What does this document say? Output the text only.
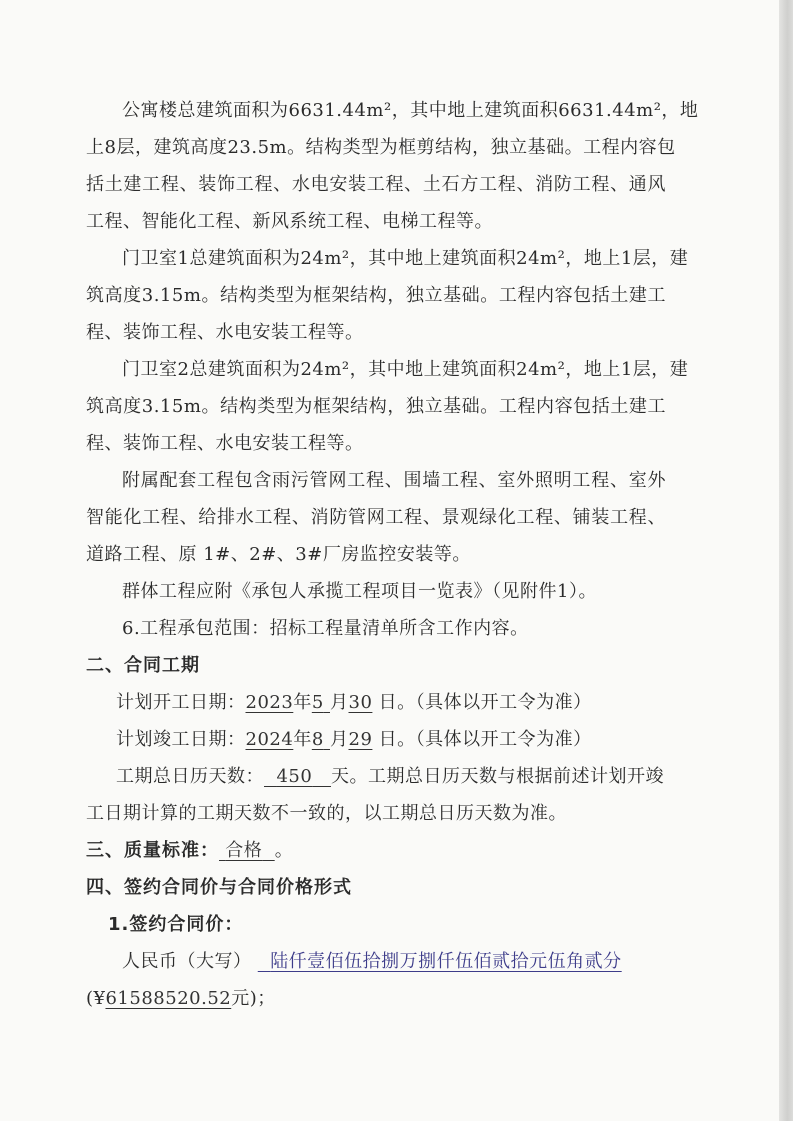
公寓楼总建筑面积为6631.44m²，其中地上建筑面积6631.44m²，地
上8层，建筑高度23.5m。结构类型为框剪结构，独立基础。工程内容包
括土建工程、装饰工程、水电安装工程、土石方工程、消防工程、通风
工程、智能化工程、新风系统工程、电梯工程等。
门卫室1总建筑面积为24m²，其中地上建筑面积24m²，地上1层，建
筑高度3.15m。结构类型为框架结构，独立基础。工程内容包括土建工
程、装饰工程、水电安装工程等。
门卫室2总建筑面积为24m²，其中地上建筑面积24m²，地上1层，建
筑高度3.15m。结构类型为框架结构，独立基础。工程内容包括土建工
程、装饰工程、水电安装工程等。
附属配套工程包含雨污管网工程、围墙工程、室外照明工程、室外
智能化工程、给排水工程、消防管网工程、景观绿化工程、铺装工程、
道路工程、原 1#、2#、3#厂房监控安装等。
群体工程应附《承包人承揽工程项目一览表》（见附件1）。
6.工程承包范围：招标工程量清单所含工作内容。
二、合同工期
计划开工日期：2023年5 月30 日。（具体以开工令为准）
计划竣工日期：2024年8 月29 日。（具体以开工令为准）
工期总日历天数： 450 天。工期总日历天数与根据前述计划开竣
工日期计算的工期天数不一致的，以工期总日历天数为准。
三、质量标准： 合格 。
四、签约合同价与合同价格形式
1.签约合同价：
人民币（大写） 陆仟壹佰伍拾捌万捌仟伍佰贰拾元伍角贰分
(¥61588520.52元)；
